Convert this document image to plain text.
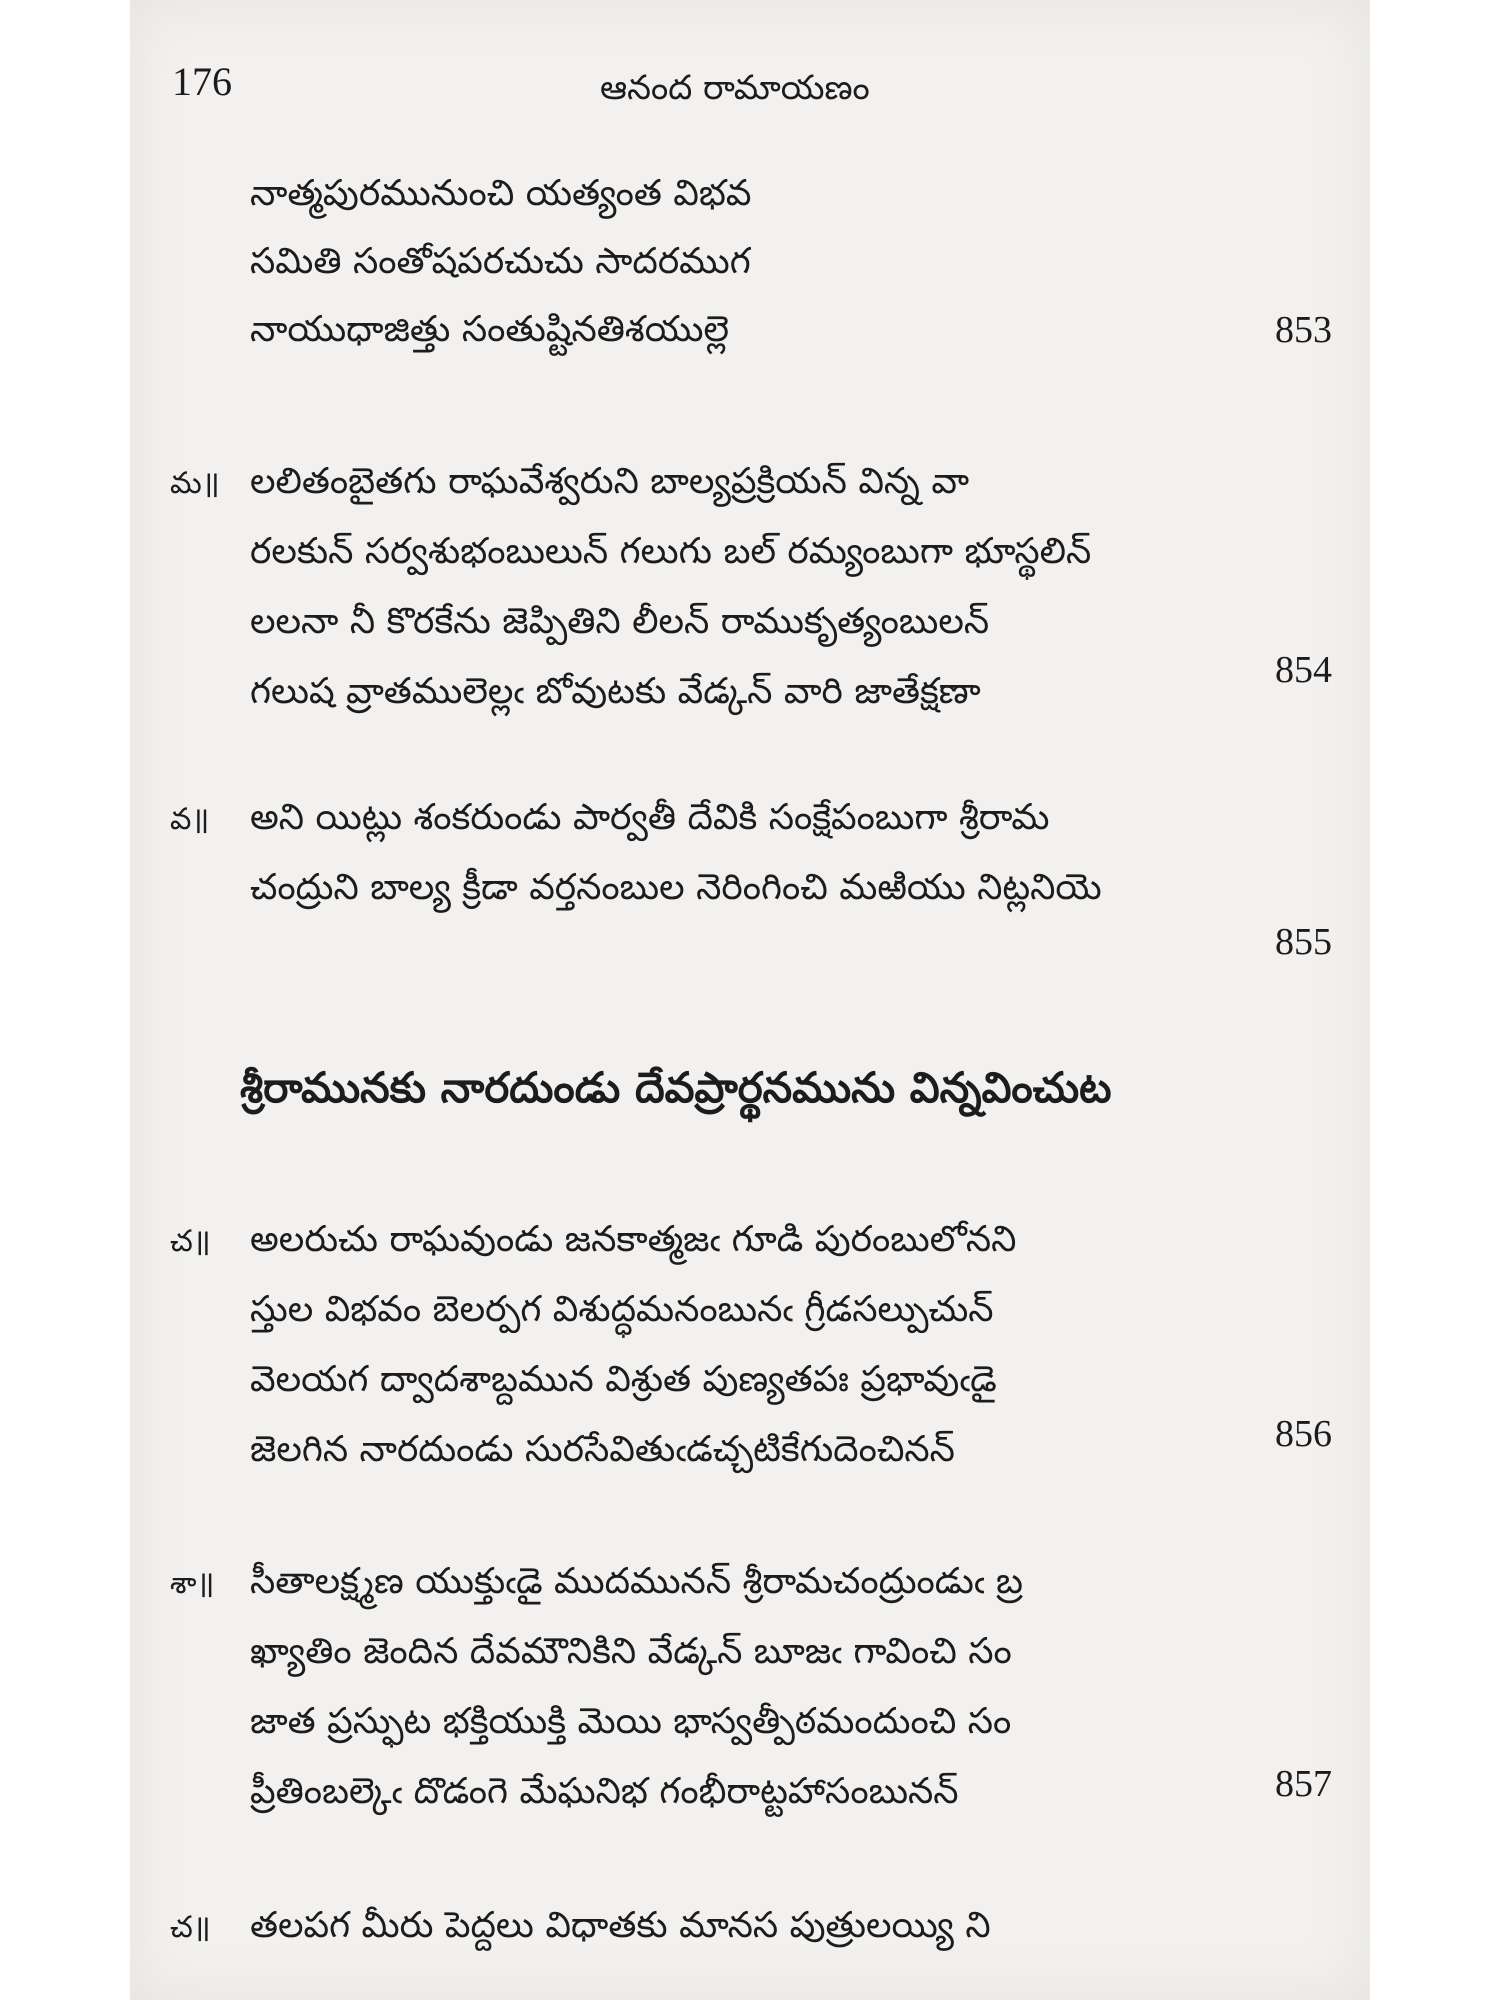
176	ఆనంద రామాయణం
నాత్మపురమునుంచి యత్యంత విభవ
సమితి సంతోషపరచుచు సాదరముగ
నాయుధాజిత్తు సంతుష్టినతిశయుల్లె	853
మ॥ లలితంబైతగు రాఘవేశ్వరుని బాల్యప్రక్రియన్ విన్న వా
రలకున్ సర్వశుభంబులున్ గలుగు బల్ రమ్యంబుగా భూస్థలిన్
లలనా నీ కొరకేను జెప్పితిని లీలన్ రాముకృత్యంబులన్
గలుష వ్రాతములెల్లఁ బోవుటకు వేడ్కన్ వారి జాతేక్షణా
854
వ॥ అని యిట్లు శంకరుండు పార్వతీ దేవికి సంక్షేపంబుగా శ్రీరామ
చంద్రుని బాల్య క్రీడా వర్తనంబుల నెరింగించి మఱియు నిట్లనియె
855
శ్రీరామునకు నారదుండు దేవప్రార్థనమును విన్నవించుట
చ॥ అలరుచు రాఘవుండు జనకాత్మజఁ గూడి పురంబులోనని
స్తుల విభవం బెలర్పగ విశుద్ధమనంబునఁ గ్రీడసల్పుచున్
వెలయగ ద్వాదశాబ్దమున విశ్రుత పుణ్యతపః ప్రభావుఁడై
జెలగిన నారదుండు సురసేవితుఁడచ్చటికేగుదెంచినన్	856
శా॥ సీతాలక్ష్మణ యుక్తుఁడై ముదమునన్ శ్రీరామచంద్రుండుఁ బ్ర
ఖ్యాతిం జెందిన దేవమౌనికిని వేడ్కన్ బూజఁ గావించి సం
జాత ప్రస్ఫుట భక్తియుక్తి మెయి భాస్వత్పీఠమందుంచి సం
ప్రీతింబల్కెఁ దొడంగె మేఘనిభ గంభీరాట్టహాసంబునన్	857
చ॥ తలపగ మీరు పెద్దలు విధాతకు మానస పుత్రులయ్యి ని
